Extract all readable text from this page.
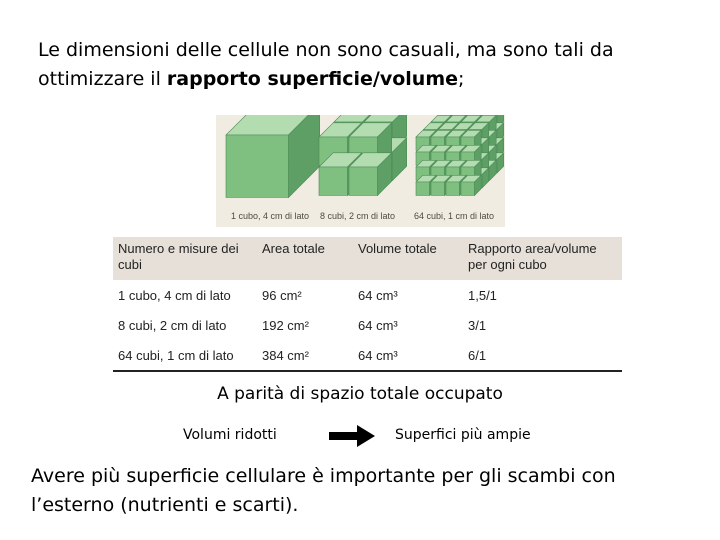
Le dimensioni delle cellule non sono casuali, ma sono tali da ottimizzare il rapporto superficie/volume;
1 cubo, 4 cm di lato 8 cubi, 2 cm di lato 64 cubi, 1 cm di lato
Numero e misure dei cubi	Area totale	Volume totale	Rapporto area/volume per ogni cubo
1 cubo, 4 cm di lato	96 cm²	64 cm³	1,5/1
8 cubi, 2 cm di lato	192 cm²	64 cm³	3/1
64 cubi, 1 cm di lato	384 cm²	64 cm³	6/1
A parità di spazio totale occupato
Volumi ridotti	Superfici più ampie
Avere più superficie cellulare è importante per gli scambi con l’esterno (nutrienti e scarti).
